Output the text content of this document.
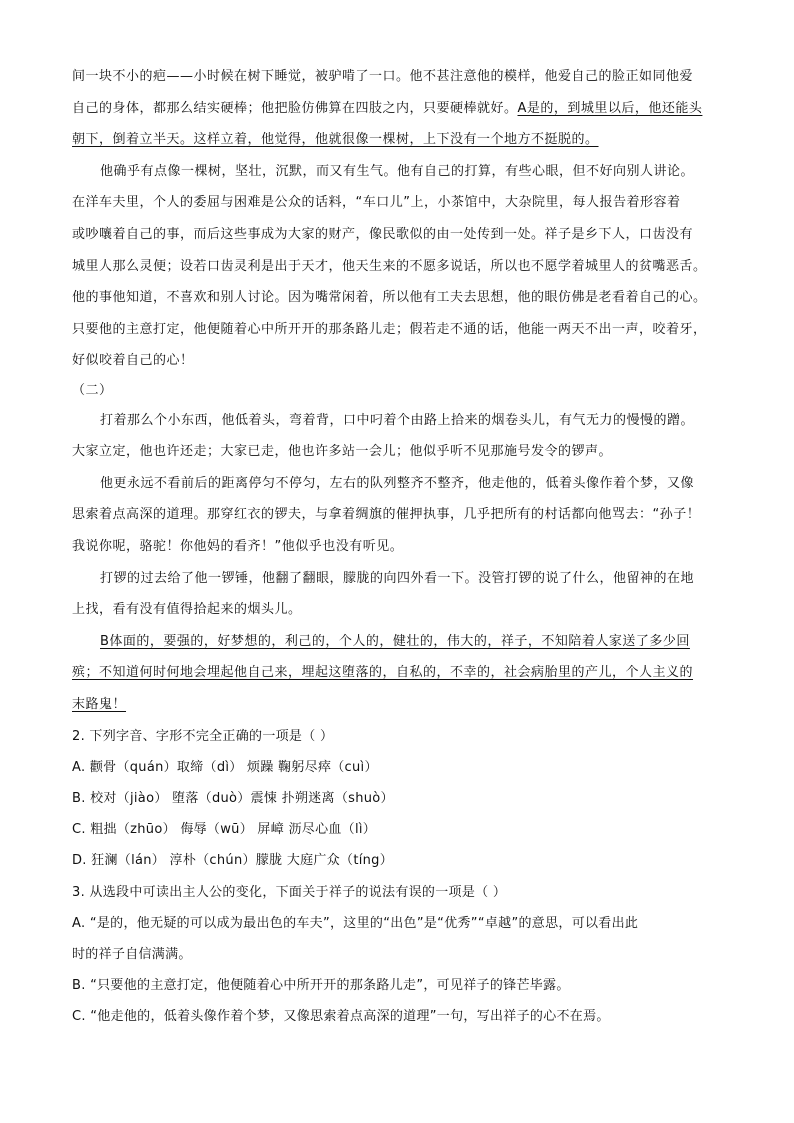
间一块不小的疤——小时候在树下睡觉，被驴啃了一口。他不甚注意他的模样，他爱自己的脸正如同他爱
自己的身体，都那么结实硬棒；他把脸仿佛算在四肢之内，只要硬棒就好。A是的，到城里以后，他还能头
朝下，倒着立半天。这样立着，他觉得，他就很像一棵树，上下没有一个地方不挺脱的。
他确乎有点像一棵树，坚壮，沉默，而又有生气。他有自己的打算，有些心眼，但不好向别人讲论。
在洋车夫里，个人的委屈与困难是公众的话料，“车口儿”上，小茶馆中，大杂院里，每人报告着形容着
或吵嚷着自己的事，而后这些事成为大家的财产，像民歌似的由一处传到一处。祥子是乡下人，口齿没有
城里人那么灵便；设若口齿灵利是出于天才，他天生来的不愿多说话，所以也不愿学着城里人的贫嘴恶舌。
他的事他知道，不喜欢和别人讨论。因为嘴常闲着，所以他有工夫去思想，他的眼仿佛是老看着自己的心。
只要他的主意打定，他便随着心中所开开的那条路儿走；假若走不通的话，他能一两天不出一声，咬着牙，
好似咬着自己的心！
（二）
打着那么个小东西，他低着头，弯着背，口中叼着个由路上拾来的烟卷头儿，有气无力的慢慢的蹭。
大家立定，他也许还走；大家已走，他也许多站一会儿；他似乎听不见那施号发令的锣声。
他更永远不看前后的距离停匀不停匀，左右的队列整齐不整齐，他走他的，低着头像作着个梦，又像
思索着点高深的道理。那穿红衣的锣夫，与拿着绸旗的催押执事，几乎把所有的村话都向他骂去：“孙子！
我说你呢，骆驼！你他妈的看齐！”他似乎也没有听见。
打锣的过去给了他一锣锤，他翻了翻眼，朦胧的向四外看一下。没管打锣的说了什么，他留神的在地
上找，看有没有值得拾起来的烟头儿。
B体面的，要强的，好梦想的，利己的，个人的，健壮的，伟大的，祥子，不知陪着人家送了多少回
殡；不知道何时何地会埋起他自己来，埋起这堕落的，自私的，不幸的，社会病胎里的产儿，个人主义的
末路鬼！
2. 下列字音、字形不完全正确的一项是（ ）
A. 颧骨（quán）取缔（dì） 烦躁 鞠躬尽瘁（cuì）
B. 校对（jiào） 堕落（duò）震悚 扑朔迷离（shuò）
C. 粗拙（zhūo） 侮辱（wū） 屏嶂 沥尽心血（lì）
D. 狂澜（lán） 淳朴（chún）朦胧 大庭广众（tíng）
3. 从选段中可读出主人公的变化，下面关于祥子的说法有误的一项是（ ）
A. “是的，他无疑的可以成为最出色的车夫”，这里的“出色”是“优秀”“卓越”的意思，可以看出此
时的祥子自信满满。
B. “只要他的主意打定，他便随着心中所开开的那条路儿走”，可见祥子的锋芒毕露。
C. “他走他的，低着头像作着个梦，又像思索着点高深的道理”一句，写出祥子的心不在焉。
